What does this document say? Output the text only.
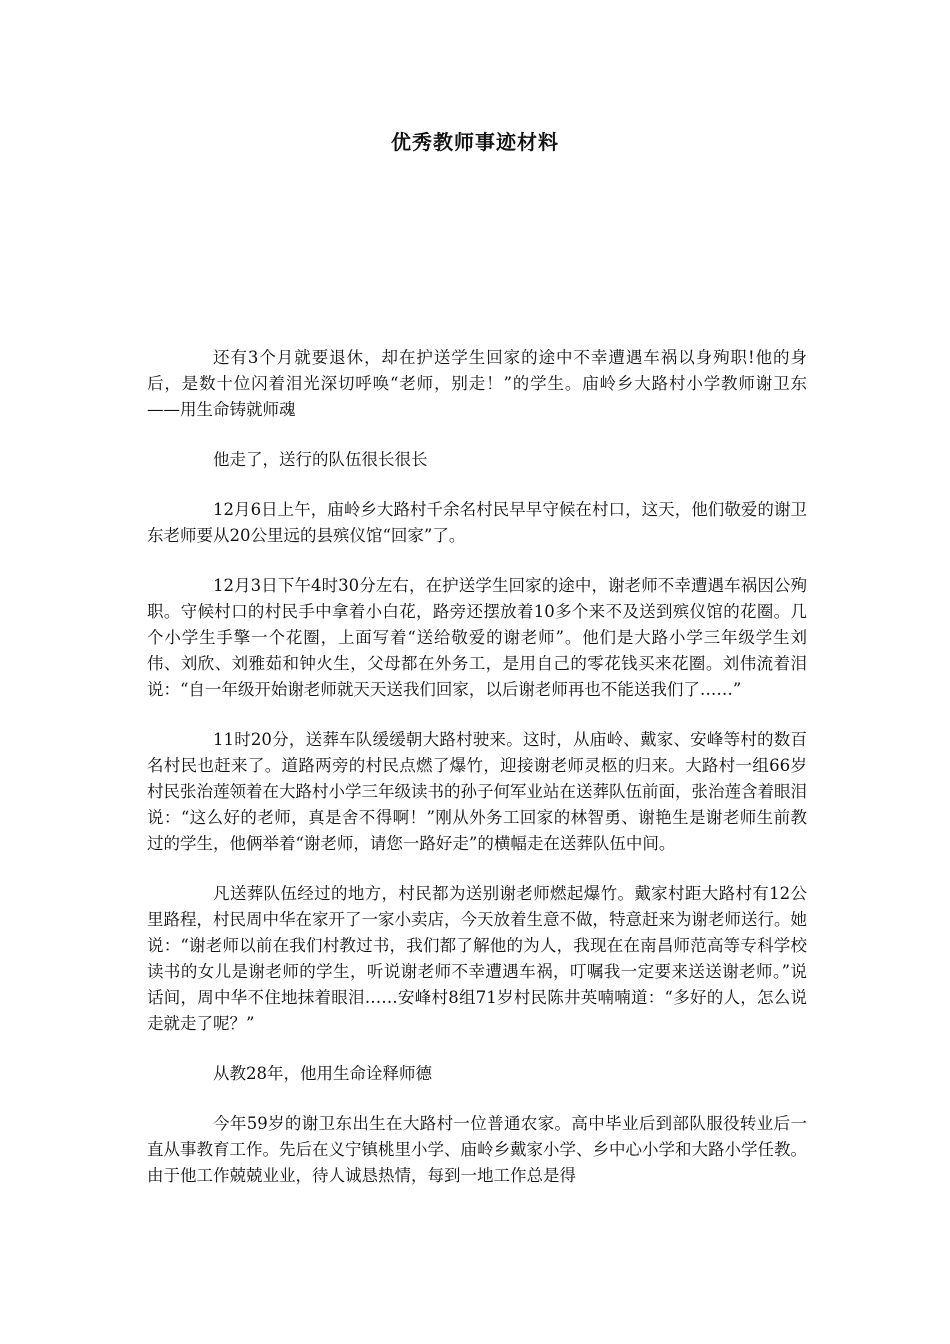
优秀教师事迹材料

还有3个月就要退休，却在护送学生回家的途中不幸遭遇车祸以身殉职!他的身后，是数十位闪着泪光深切呼唤“老师，别走！”的学生。庙岭乡大路村小学教师谢卫东——用生命铸就师魂

他走了，送行的队伍很长很长

12月6日上午，庙岭乡大路村千余名村民早早守候在村口，这天，他们敬爱的谢卫东老师要从20公里远的县殡仪馆“回家”了。

12月3日下午4时30分左右，在护送学生回家的途中，谢老师不幸遭遇车祸因公殉职。守候村口的村民手中拿着小白花，路旁还摆放着10多个来不及送到殡仪馆的花圈。几个小学生手擎一个花圈，上面写着“送给敬爱的谢老师”。他们是大路小学三年级学生刘伟、刘欣、刘雅茹和钟火生，父母都在外务工，是用自己的零花钱买来花圈。刘伟流着泪说：“自一年级开始谢老师就天天送我们回家，以后谢老师再也不能送我们了……”

11时20分，送葬车队缓缓朝大路村驶来。这时，从庙岭、戴家、安峰等村的数百名村民也赶来了。道路两旁的村民点燃了爆竹，迎接谢老师灵柩的归来。大路村一组66岁村民张治莲领着在大路村小学三年级读书的孙子何军业站在送葬队伍前面，张治莲含着眼泪说：“这么好的老师，真是舍不得啊！”刚从外务工回家的林智勇、谢艳生是谢老师生前教过的学生，他俩举着“谢老师，请您一路好走”的横幅走在送葬队伍中间。

凡送葬队伍经过的地方，村民都为送别谢老师燃起爆竹。戴家村距大路村有12公里路程，村民周中华在家开了一家小卖店，今天放着生意不做，特意赶来为谢老师送行。她说：“谢老师以前在我们村教过书，我们都了解他的为人，我现在在南昌师范高等专科学校读书的女儿是谢老师的学生，听说谢老师不幸遭遇车祸，叮嘱我一定要来送送谢老师。”说话间，周中华不住地抹着眼泪……安峰村8组71岁村民陈井英喃喃道：“多好的人，怎么说走就走了呢？”

从教28年，他用生命诠释师德

今年59岁的谢卫东出生在大路村一位普通农家。高中毕业后到部队服役转业后一直从事教育工作。先后在义宁镇桃里小学、庙岭乡戴家小学、乡中心小学和大路小学任教。由于他工作兢兢业业，待人诚恳热情，每到一地工作总是得
